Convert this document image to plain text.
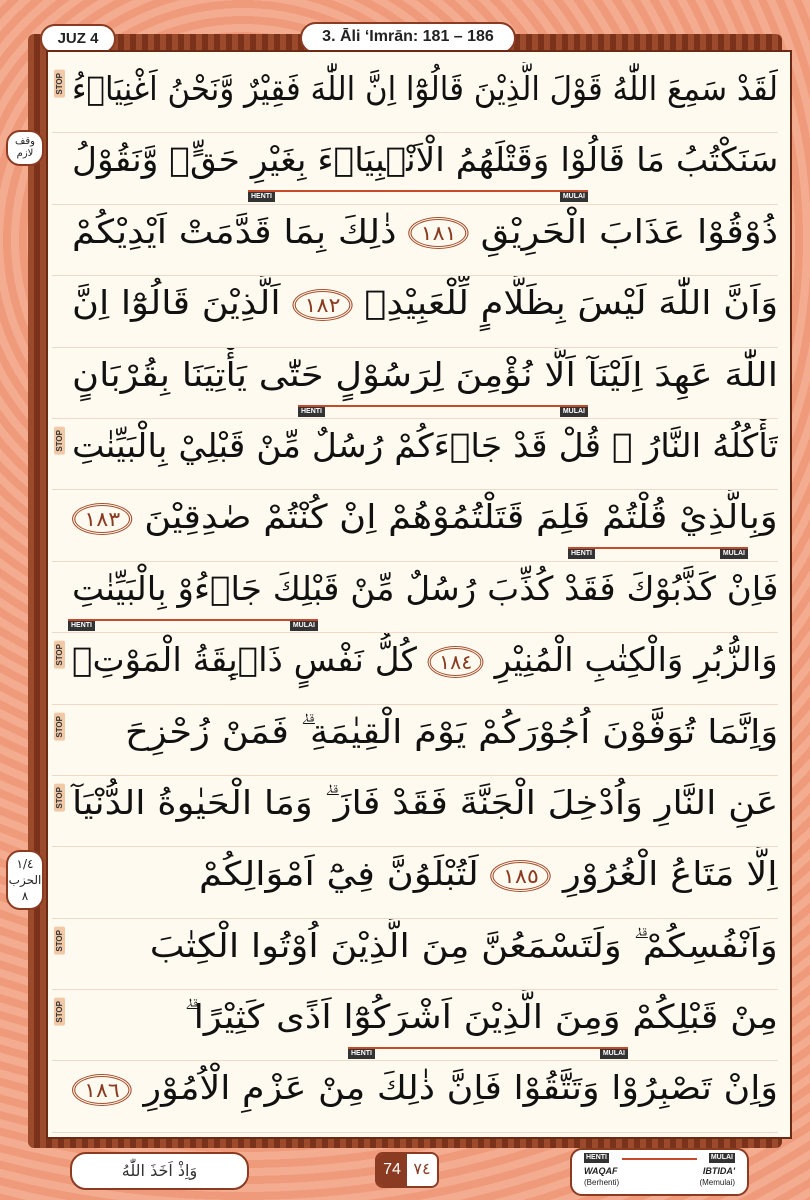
JUZ 4	3. Āli ʻImrān: 181 – 186
وقف لازم
١/٤
الحزب
٨
STOP لَقَدْ سَمِعَ اللّٰهُ قَوْلَ الَّذِيْنَ قَالُوْٓا اِنَّ اللّٰهَ فَقِيْرٌ وَّنَحْنُ اَغْنِيَاۤءُ
سَنَكْتُبُ مَا قَالُوْا وَقَتْلَهُمُ الْاَنْۢبِيَاۤءَ بِغَيْرِ حَقٍّۙ وَّنَقُوْلُ
HENTI	MULAI
ذُوْقُوْا عَذَابَ الْحَرِيْقِ ١٨١ ذٰلِكَ بِمَا قَدَّمَتْ اَيْدِيْكُمْ
وَاَنَّ اللّٰهَ لَيْسَ بِظَلَّامٍ لِّلْعَبِيْدِۚ ١٨٢ اَلَّذِيْنَ قَالُوْٓا اِنَّ
اللّٰهَ عَهِدَ اِلَيْنَآ اَلَّا نُؤْمِنَ لِرَسُوْلٍ حَتّٰى يَأْتِيَنَا بِقُرْبَانٍ
HENTI	MULAI
STOP تَأْكُلُهُ النَّارُ ۗ قُلْ قَدْ جَاۤءَكُمْ رُسُلٌ مِّنْ قَبْلِيْ بِالْبَيِّنٰتِ
وَبِالَّذِيْ قُلْتُمْ فَلِمَ قَتَلْتُمُوْهُمْ اِنْ كُنْتُمْ صٰدِقِيْنَ ١٨٣
HENTI	MULAI
فَاِنْ كَذَّبُوْكَ فَقَدْ كُذِّبَ رُسُلٌ مِّنْ قَبْلِكَ جَاۤءُوْ بِالْبَيِّنٰتِ
HENTI	MULAI
STOP	وَالزُّبُرِ وَالْكِتٰبِ الْمُنِيْرِ ١٨٤ كُلُّ نَفْسٍ ذَاۤىِٕقَةُ الْمَوْتِۗ
STOP وَاِنَّمَا تُوَفَّوْنَ اُجُوْرَكُمْ يَوْمَ الْقِيٰمَةِ ۗ فَمَنْ زُحْزِحَ
STOP عَنِ النَّارِ وَاُدْخِلَ الْجَنَّةَ فَقَدْ فَازَ ۗ وَمَا الْحَيٰوةُ الدُّنْيَآ
اِلَّا مَتَاعُ الْغُرُوْرِ ١٨٥ لَتُبْلَوُنَّ فِيْٓ اَمْوَالِكُمْ
STOP	وَاَنْفُسِكُمْ ۗ وَلَتَسْمَعُنَّ مِنَ الَّذِيْنَ اُوْتُوا الْكِتٰبَ
STOP	مِنْ قَبْلِكُمْ وَمِنَ الَّذِيْنَ اَشْرَكُوْٓا اَذًى كَثِيْرًا ۗ
HENTI	MULAI
وَاِنْ تَصْبِرُوْا وَتَتَّقُوْا فَاِنَّ ذٰلِكَ مِنْ عَزْمِ الْاُمُوْرِ ١٨٦
وَاِذْ اَخَذَ اللّٰهُ	74 ٧٤
HENTI	MULAI
WAQAF
(Berhenti)
IBTIDA'
(Memulai)
